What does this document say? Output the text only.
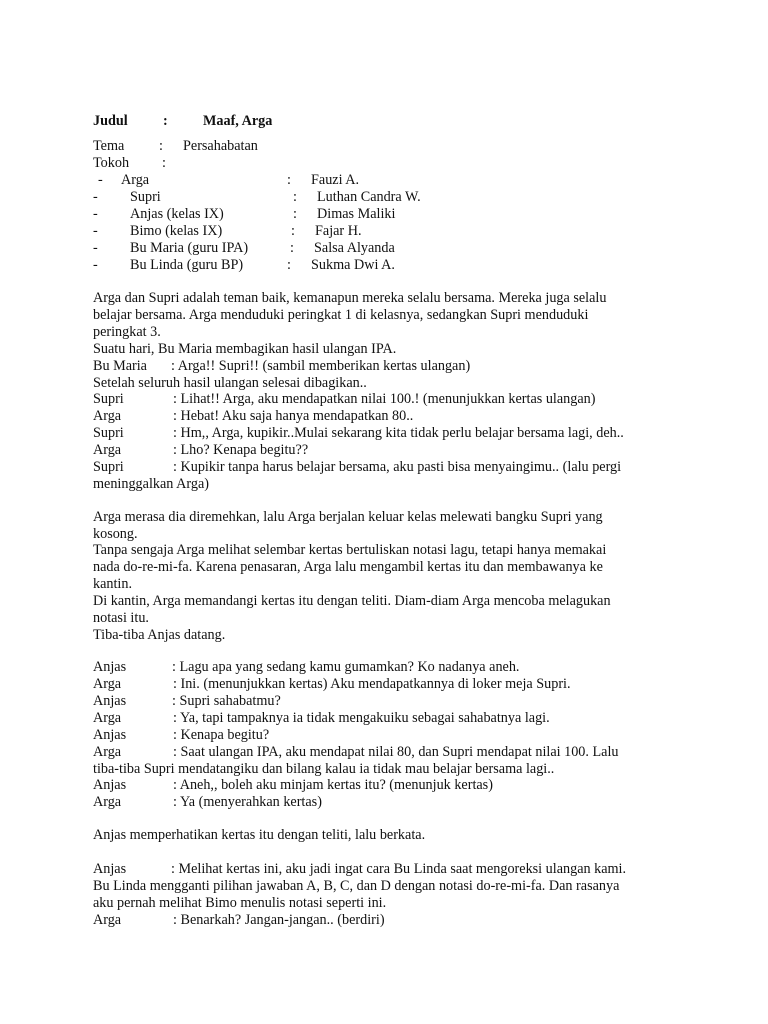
Judul : Maaf, Arga
Tema : Persahabatan
Tokoh :
- Arga	: Fauzi A.
- Supri	: Luthan Candra W.
- Anjas (kelas IX)	: Dimas Maliki
- Bimo (kelas IX)	: Fajar H.
- Bu Maria (guru IPA)	: Salsa Alyanda
- Bu Linda (guru BP)	: Sukma Dwi A.
Arga dan Supri adalah teman baik, kemanapun mereka selalu bersama. Mereka juga selalu
belajar bersama. Arga menduduki peringkat 1 di kelasnya, sedangkan Supri menduduki
peringkat 3.
Suatu hari, Bu Maria membagikan hasil ulangan IPA.
Bu Maria : Arga!! Supri!! (sambil memberikan kertas ulangan)
Setelah seluruh hasil ulangan selesai dibagikan..
Supri	: Lihat!! Arga, aku mendapatkan nilai 100.! (menunjukkan kertas ulangan)
Arga	: Hebat! Aku saja hanya mendapatkan 80..
Supri	: Hm,, Arga, kupikir..Mulai sekarang kita tidak perlu belajar bersama lagi, deh..
Arga	: Lho? Kenapa begitu??
Supri	: Kupikir tanpa harus belajar bersama, aku pasti bisa menyaingimu.. (lalu pergi
meninggalkan Arga)
Arga merasa dia diremehkan, lalu Arga berjalan keluar kelas melewati bangku Supri yang
kosong.
Tanpa sengaja Arga melihat selembar kertas bertuliskan notasi lagu, tetapi hanya memakai
nada do-re-mi-fa. Karena penasaran, Arga lalu mengambil kertas itu dan membawanya ke
kantin.
Di kantin, Arga memandangi kertas itu dengan teliti. Diam-diam Arga mencoba melagukan
notasi itu.
Tiba-tiba Anjas datang.
Anjas	: Lagu apa yang sedang kamu gumamkan? Ko nadanya aneh.
Arga	: Ini. (menunjukkan kertas) Aku mendapatkannya di loker meja Supri.
Anjas	: Supri sahabatmu?
Arga	: Ya, tapi tampaknya ia tidak mengakuiku sebagai sahabatnya lagi.
Anjas	: Kenapa begitu?
Arga	: Saat ulangan IPA, aku mendapat nilai 80, dan Supri mendapat nilai 100. Lalu
tiba-tiba Supri mendatangiku dan bilang kalau ia tidak mau belajar bersama lagi..
Anjas	: Aneh,, boleh aku minjam kertas itu? (menunjuk kertas)
Arga	: Ya (menyerahkan kertas)
Anjas memperhatikan kertas itu dengan teliti, lalu berkata.
Anjas	: Melihat kertas ini, aku jadi ingat cara Bu Linda saat mengoreksi ulangan kami.
Bu Linda mengganti pilihan jawaban A, B, C, dan D dengan notasi do-re-mi-fa. Dan rasanya
aku pernah melihat Bimo menulis notasi seperti ini.
Arga	: Benarkah? Jangan-jangan.. (berdiri)
